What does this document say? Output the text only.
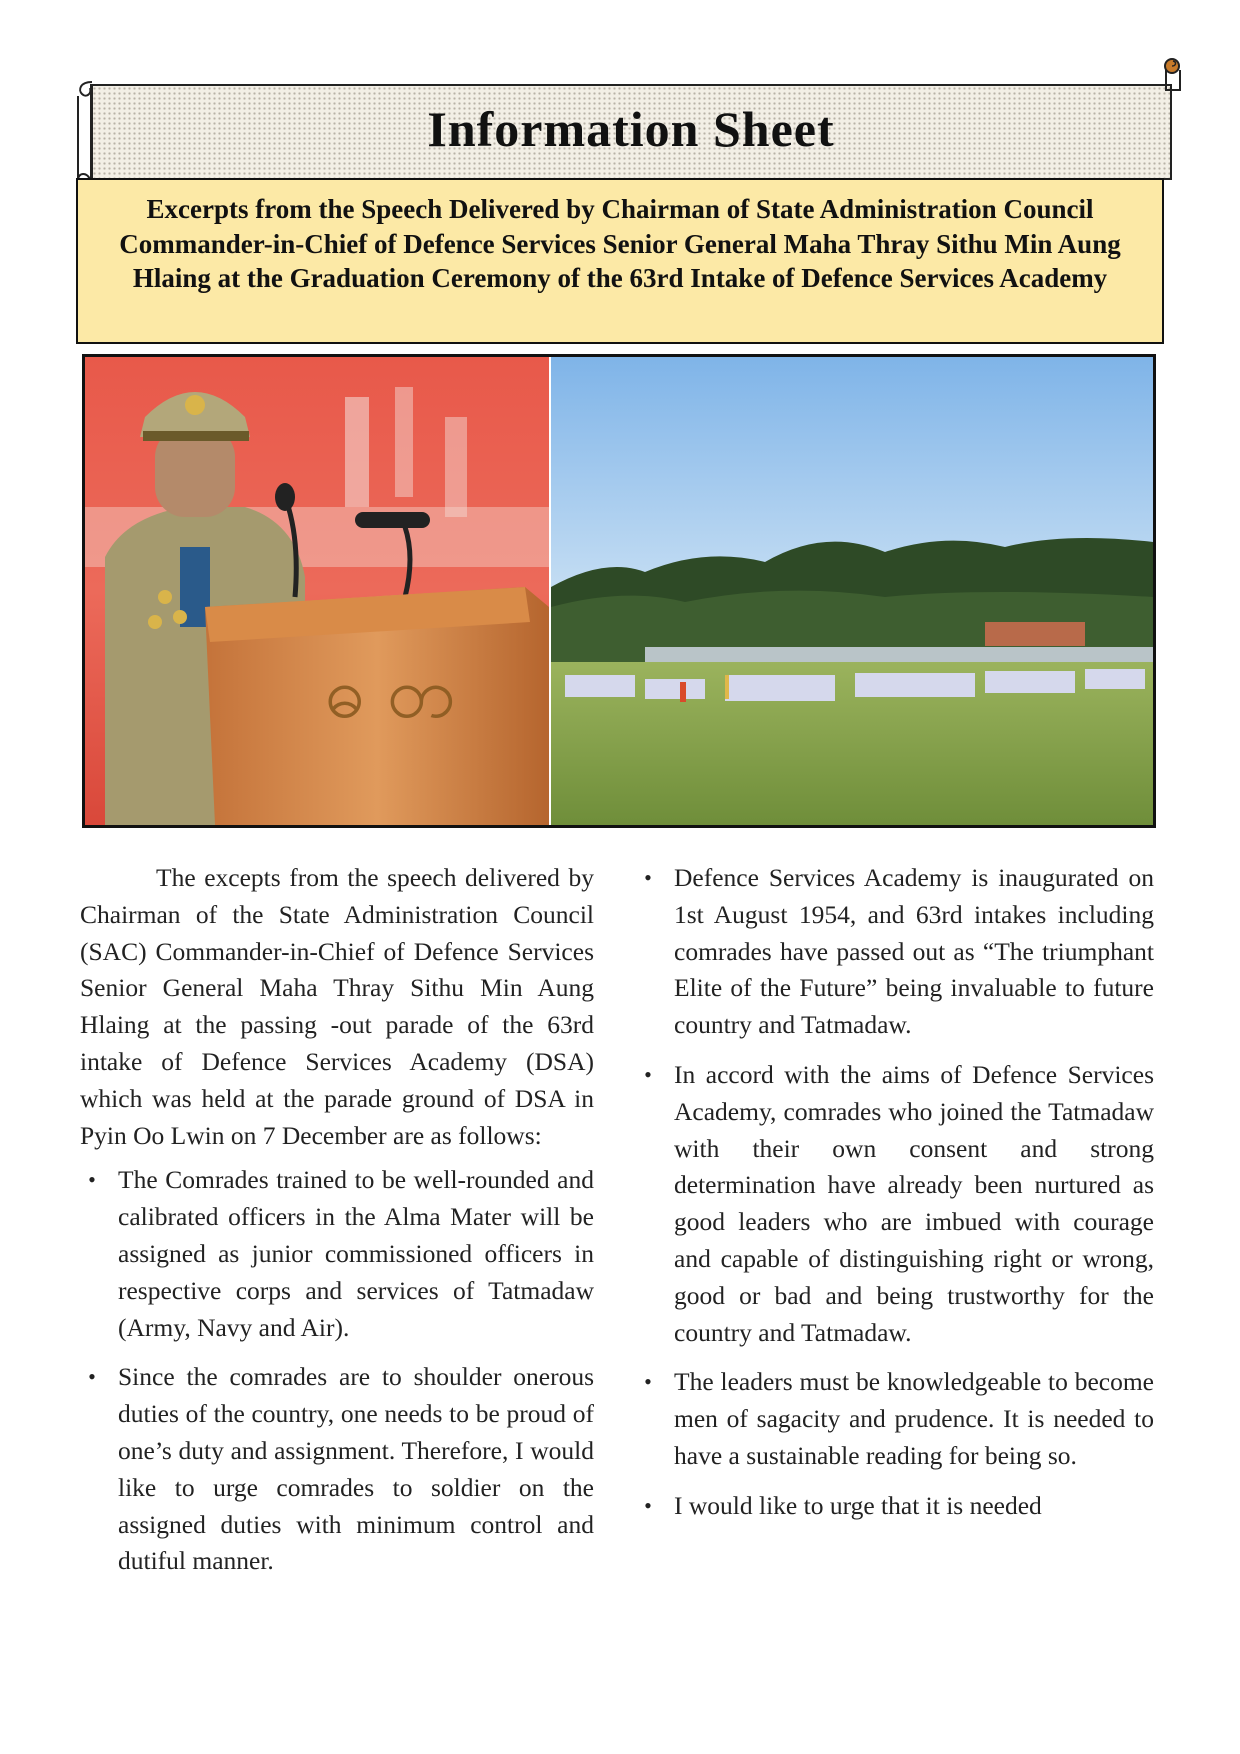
Information Sheet
Excerpts from the Speech Delivered by Chairman of State Administration Council Commander-in-Chief of Defence Services Senior General Maha Thray Sithu Min Aung Hlaing at the Graduation Ceremony of the 63rd Intake of Defence Services Academy
ဓ တ

The excepts from the speech delivered by Chairman of the State Administration Council (SAC) Commander-in-Chief of Defence Services Senior General Maha Thray Sithu Min Aung Hlaing at the passing -out parade of the 63rd intake of Defence Services Academy (DSA) which was held at the parade ground of DSA in Pyin Oo Lwin on 7 December are as follows:

• The Comrades trained to be well-rounded and calibrated officers in the Alma Mater will be assigned as junior commissioned officers in respective corps and services of Tatmadaw (Army, Navy and Air).
• Since the comrades are to shoulder onerous duties of the country, one needs to be proud of one’s duty and assignment. Therefore, I would like to urge comrades to soldier on the assigned duties with minimum control and dutiful manner.
• Defence Services Academy is inaugurated on 1st August 1954, and 63rd intakes including comrades have passed out as “The triumphant Elite of the Future” being invaluable to future country and Tatmadaw.
• In accord with the aims of Defence Services Academy, comrades who joined the Tatmadaw with their own consent and strong determination have already been nurtured as good leaders who are imbued with courage and capable of distinguishing right or wrong, good or bad and being trustworthy for the country and Tatmadaw.
• The leaders must be knowledgeable to become men of sagacity and prudence. It is needed to have a sustainable reading for being so.
• I would like to urge that it is needed
